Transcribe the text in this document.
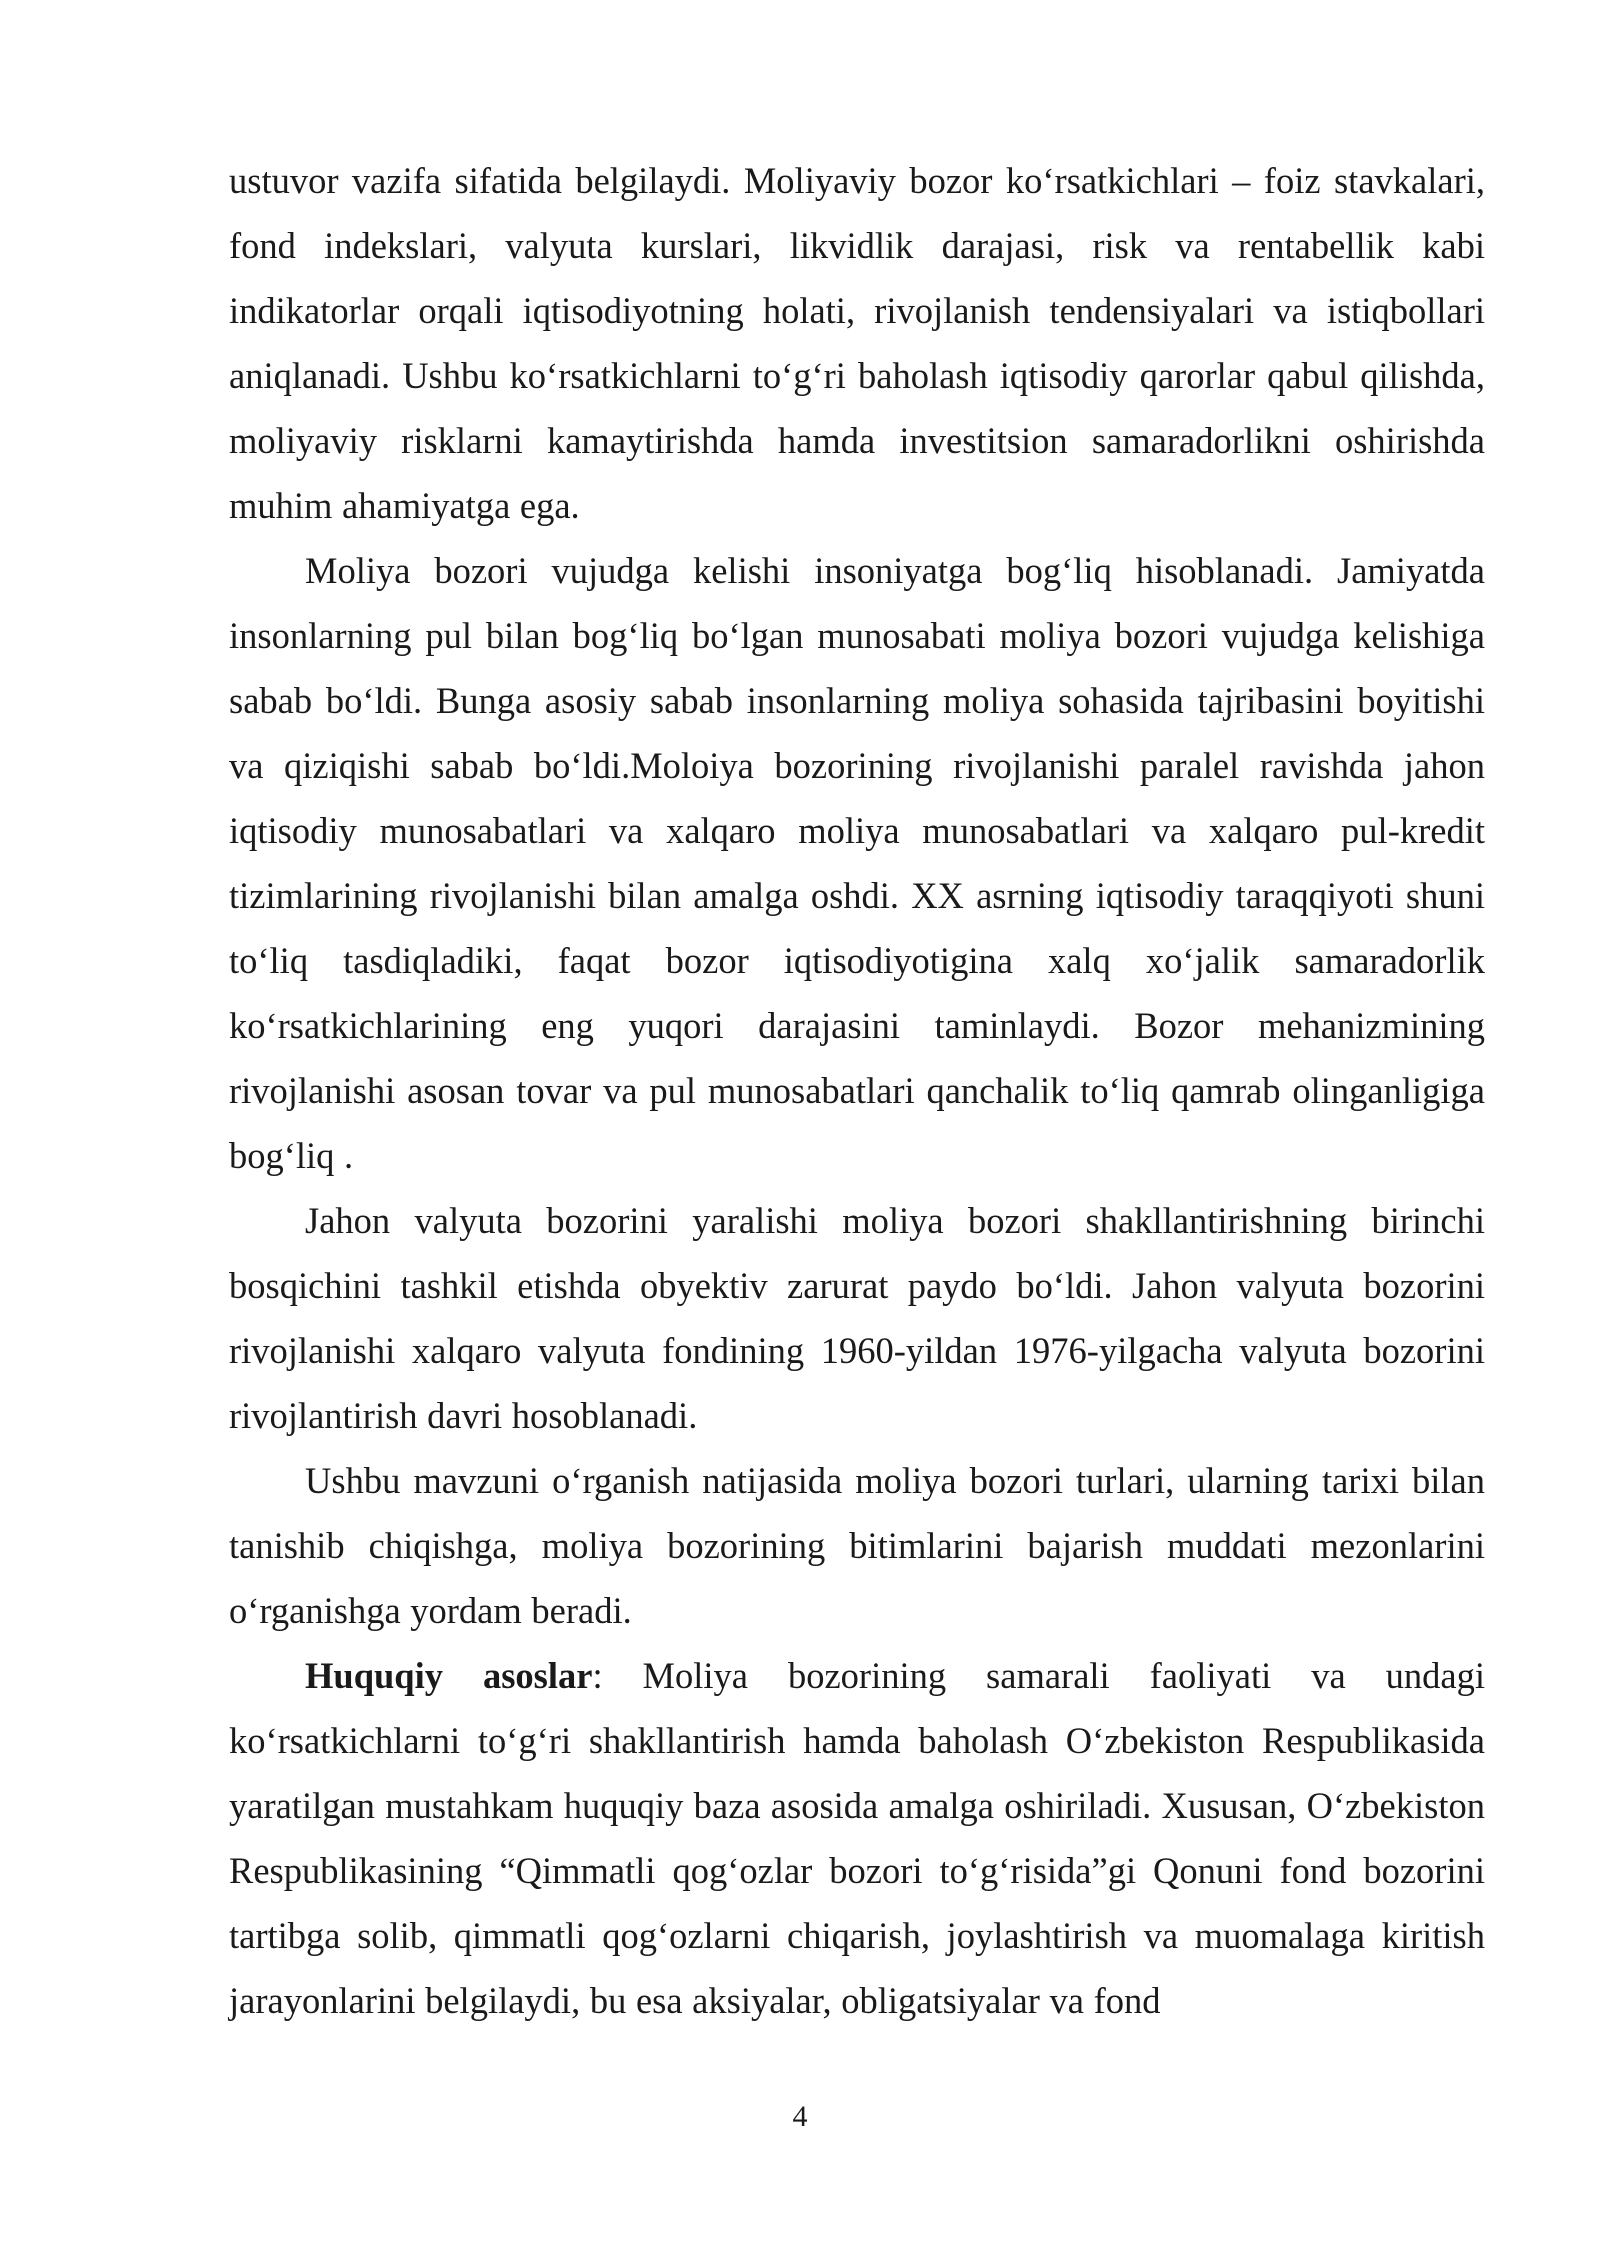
ustuvor vazifa sifatida belgilaydi. Moliyaviy bozor koʻrsatkichlari – foiz stavkalari, fond indekslari, valyuta kurslari, likvidlik darajasi, risk va rentabellik kabi indikatorlar orqali iqtisodiyotning holati, rivojlanish tendensiyalari va istiqbollari aniqlanadi. Ushbu koʻrsatkichlarni toʻgʻri baholash iqtisodiy qarorlar qabul qilishda, moliyaviy risklarni kamaytirishda hamda investitsion samaradorlikni oshirishda muhim ahamiyatga ega.

Moliya bozori vujudga kelishi insoniyatga bogʻliq hisoblanadi. Jamiyatda insonlarning pul bilan bogʻliq boʻlgan munosabati moliya bozori vujudga kelishiga sabab boʻldi. Bunga asosiy sabab insonlarning moliya sohasida tajribasini boyitishi va qiziqishi sabab boʻldi.Moloiya bozorining rivojlanishi paralel ravishda jahon iqtisodiy munosabatlari va xalqaro moliya munosabatlari va xalqaro pul-kredit tizimlarining rivojlanishi bilan amalga oshdi. XX asrning iqtisodiy taraqqiyoti shuni toʻliq tasdiqladiki, faqat bozor iqtisodiyotigina xalq xoʻjalik samaradorlik koʻrsatkichlarining eng yuqori darajasini taminlaydi. Bozor mehanizmining rivojlanishi asosan tovar va pul munosabatlari qanchalik toʻliq qamrab olinganligiga bogʻliq .

Jahon valyuta bozorini yaralishi moliya bozori shakllantirishning birinchi bosqichini tashkil etishda obyektiv zarurat paydo boʻldi. Jahon valyuta bozorini rivojlanishi xalqaro valyuta fondining 1960-yildan 1976-yilgacha valyuta bozorini rivojlantirish davri hosoblanadi.

Ushbu mavzuni oʻrganish natijasida moliya bozori turlari, ularning tarixi bilan tanishib chiqishga, moliya bozorining bitimlarini bajarish muddati mezonlarini oʻrganishga yordam beradi.

Huquqiy asoslar: Moliya bozorining samarali faoliyati va undagi koʻrsatkichlarni toʻgʻri shakllantirish hamda baholash Oʻzbekiston Respublikasida yaratilgan mustahkam huquqiy baza asosida amalga oshiriladi. Xususan, Oʻzbekiston Respublikasining “Qimmatli qogʻozlar bozori toʻgʻrisida”gi Qonuni fond bozorini tartibga solib, qimmatli qogʻozlarni chiqarish, joylashtirish va muomalaga kiritish jarayonlarini belgilaydi, bu esa aksiyalar, obligatsiyalar va fond

4
